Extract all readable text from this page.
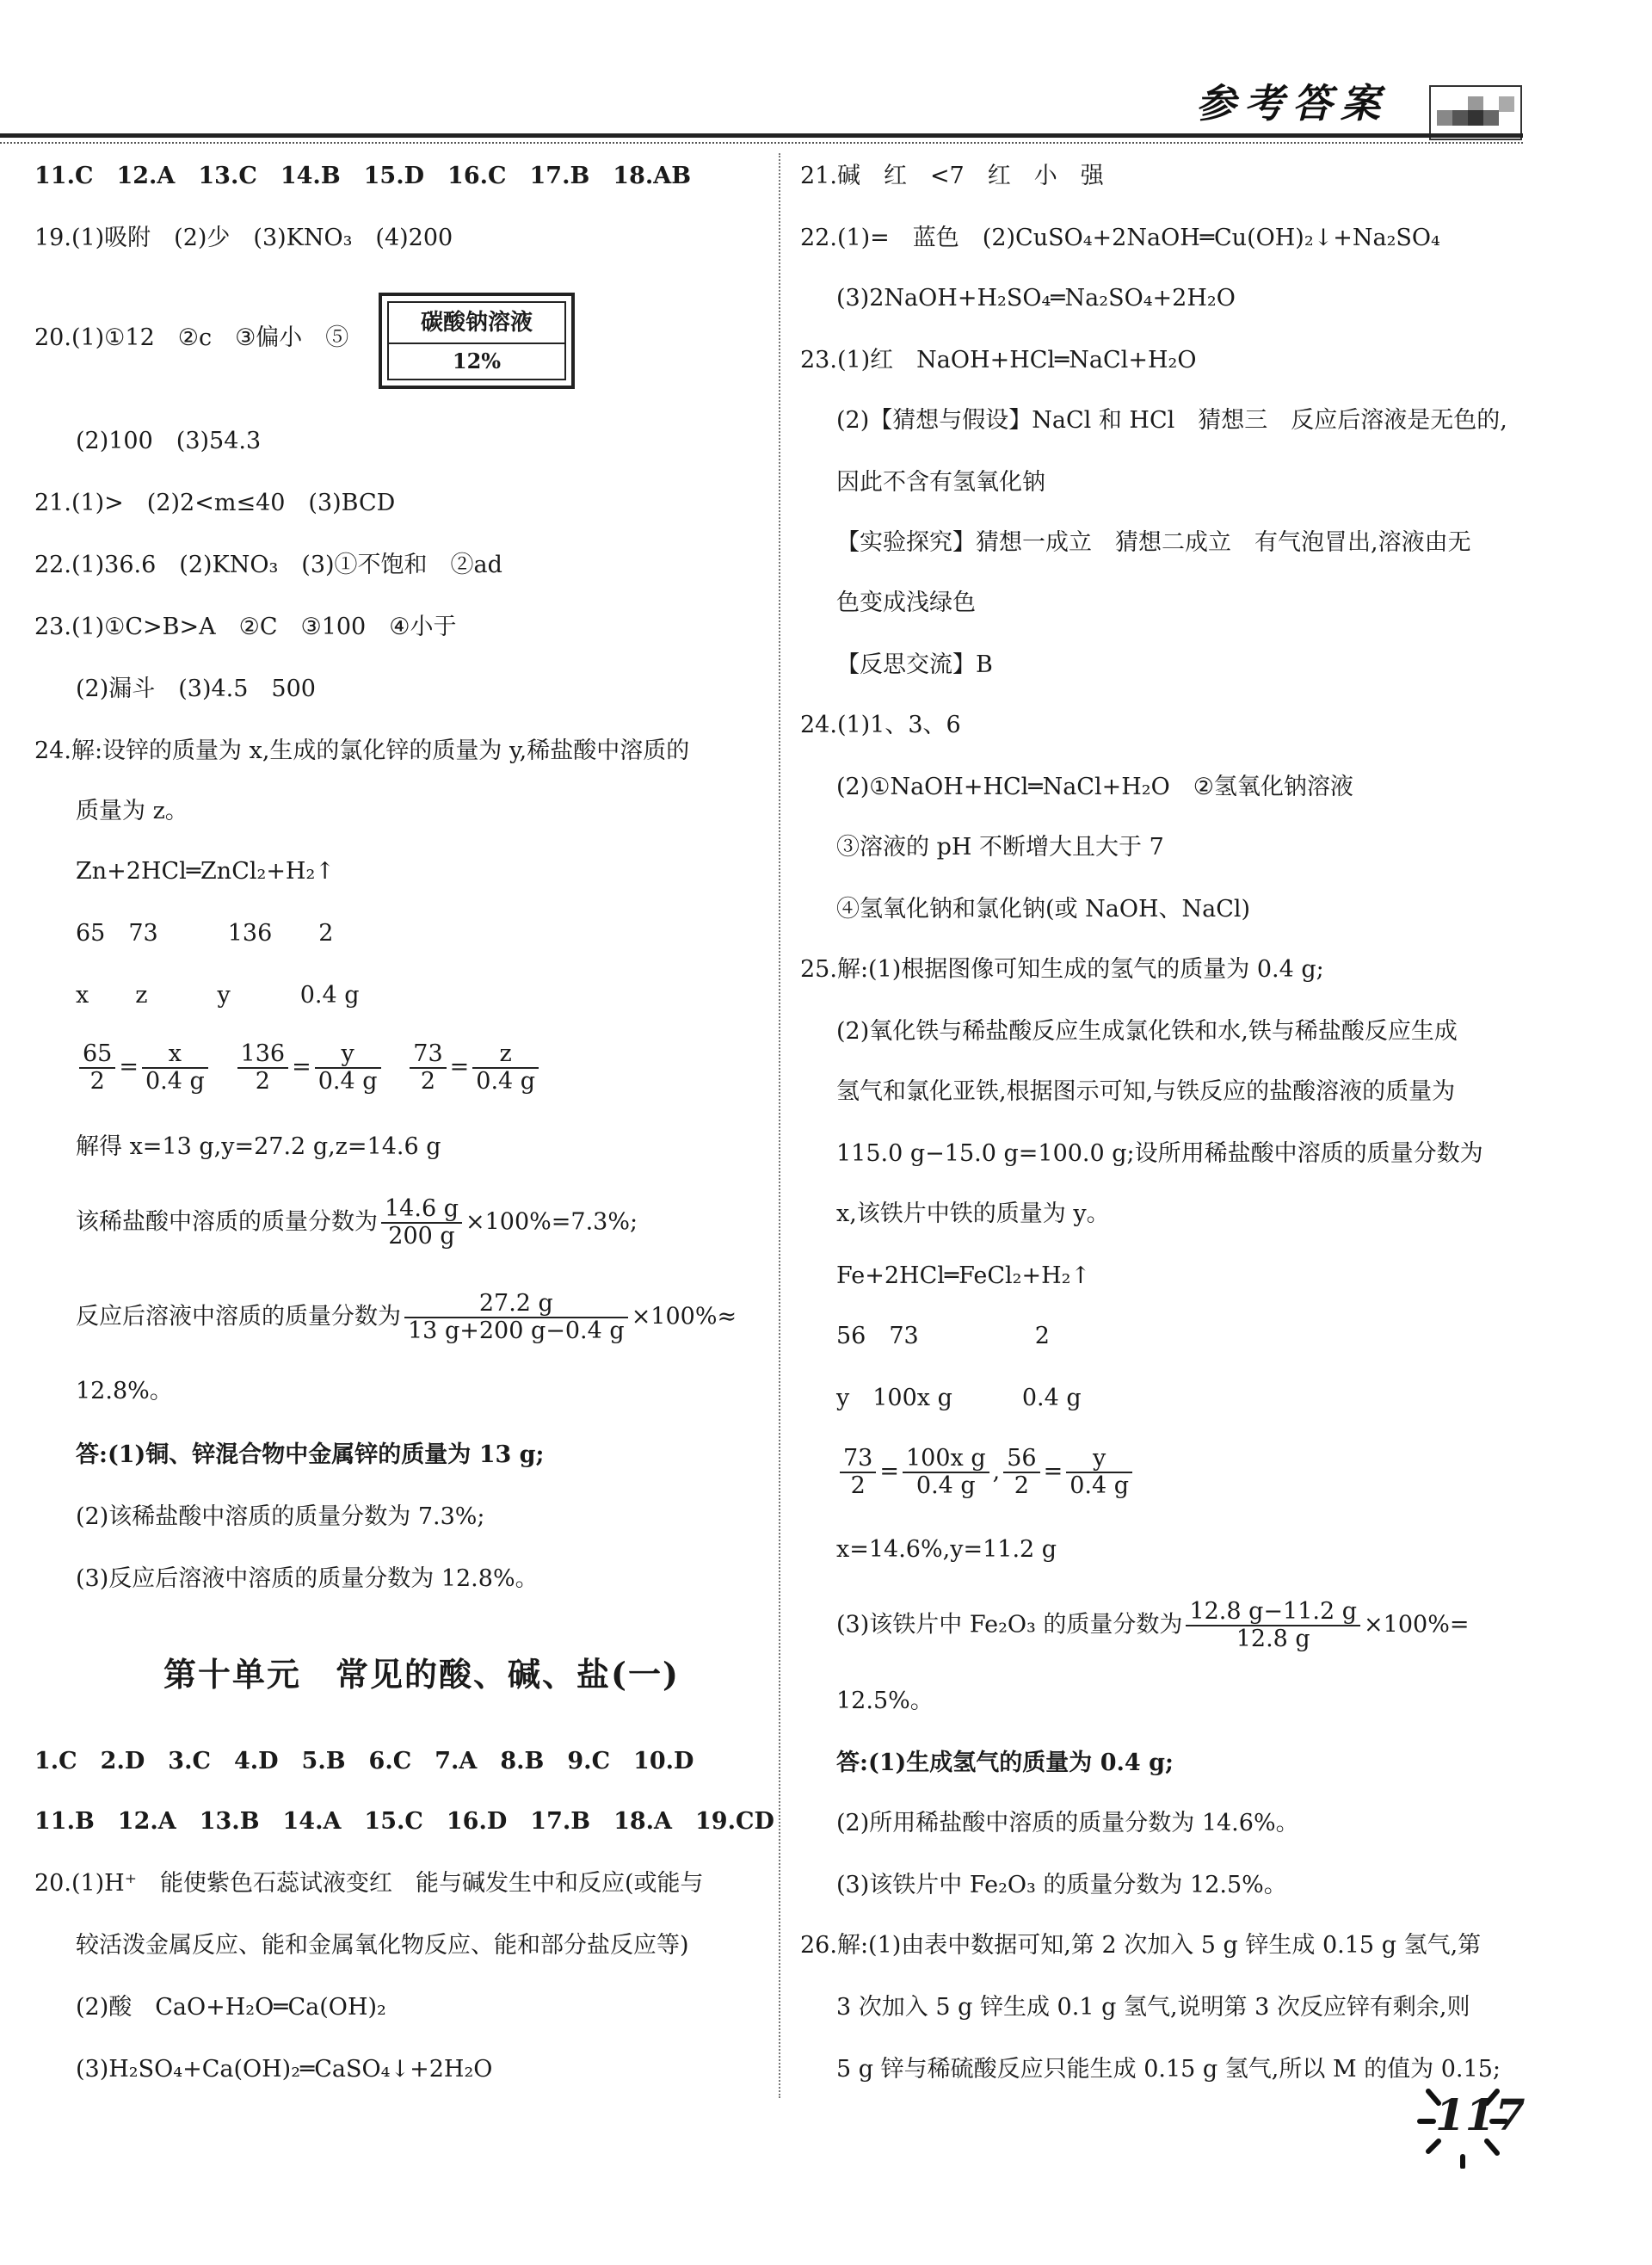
参考答案
11.C　12.A　13.C　14.B　15.D　16.C　17.B　18.AB
19.(1)吸附　(2)少　(3)KNO₃　(4)200
20.(1)①12　②c　③偏小　⑤
碳酸钠溶液
12%
(2)100　(3)54.3
21.(1)>　(2)2<m≤40　(3)BCD
22.(1)36.6　(2)KNO₃　(3)①不饱和　②ad
23.(1)①C>B>A　②C　③100　④小于
(2)漏斗　(3)4.5　500
24.解:设锌的质量为 x,生成的氯化锌的质量为 y,稀盐酸中溶质的
质量为 z。
Zn+2HCl═ZnCl₂+H₂↑
65　73　　　136　　2
x　　z　　　y　　　0.4 g
$\frac{65}{2} = \frac{x}{0.4 g}$
$\frac{136}{2} = \frac{y}{0.4 g}$
$\frac{73}{2} = \frac{z}{0.4 g}$
解得 x=13 g,y=27.2 g,z=14.6 g
该稀盐酸中溶质的质量分数为 $\frac{14.6 g}{200 g} \times 100\%=7.3\%$;
反应后溶液中溶质的质量分数为 $\frac{27.2 g}{13 g+200 g-0.4 g} \times 100\%\approx$
12.8%。
答:(1)铜、锌混合物中金属锌的质量为 13 g;
(2)该稀盐酸中溶质的质量分数为 7.3%;
(3)反应后溶液中溶质的质量分数为 12.8%。
第十单元　常见的酸、碱、盐(一)
1.C　2.D　3.C　4.D　5.B　6.C　7.A　8.B　9.C　10.D
11.B　12.A　13.B　14.A　15.C　16.D　17.B　18.A　19.CD
20.(1)H⁺　能使紫色石蕊试液变红　能与碱发生中和反应(或能与
较活泼金属反应、能和金属氧化物反应、能和部分盐反应等)
(2)酸　CaO+H₂O═Ca(OH)₂
(3)H₂SO₄+Ca(OH)₂═CaSO₄↓+2H₂O
21.碱　红　<7　红　小　强
22.(1)=　蓝色　(2)CuSO₄+2NaOH═Cu(OH)₂↓+Na₂SO₄
(3)2NaOH+H₂SO₄═Na₂SO₄+2H₂O
23.(1)红　NaOH+HCl═NaCl+H₂O
(2)【猜想与假设】NaCl 和 HCl　猜想三　反应后溶液是无色的,
因此不含有氢氧化钠
【实验探究】猜想一成立　猜想二成立　有气泡冒出,溶液由无
色变成浅绿色
【反思交流】B
24.(1)1、3、6
(2)①NaOH+HCl═NaCl+H₂O　②氢氧化钠溶液
③溶液的 pH 不断增大且大于 7
④氢氧化钠和氯化钠(或 NaOH、NaCl)
25.解:(1)根据图像可知生成的氢气的质量为 0.4 g;
(2)氧化铁与稀盐酸反应生成氯化铁和水,铁与稀盐酸反应生成
氢气和氯化亚铁,根据图示可知,与铁反应的盐酸溶液的质量为
115.0 g−15.0 g=100.0 g;设所用稀盐酸中溶质的质量分数为
x,该铁片中铁的质量为 y。
Fe+2HCl═FeCl₂+H₂↑
56　73　　　　　2
y　100x g　　　0.4 g
$\frac{73}{2} = \frac{\text{100x g}}{0.4 g}$ , $\frac{56}{2} = \frac{y}{0.4 g}$
x=14.6%,y=11.2 g
(3)该铁片中 Fe₂O₃ 的质量分数为 $\frac{12.8 g-11.2 g}{12.8 g} \times 100\%=$
12.5%。
答:(1)生成氢气的质量为 0.4 g;
(2)所用稀盐酸中溶质的质量分数为 14.6%。
(3)该铁片中 Fe₂O₃ 的质量分数为 12.5%。
26.解:(1)由表中数据可知,第 2 次加入 5 g 锌生成 0.15 g 氢气,第
3 次加入 5 g 锌生成 0.1 g 氢气,说明第 3 次反应锌有剩余,则
5 g 锌与稀硫酸反应只能生成 0.15 g 氢气,所以 M 的值为 0.15;
117
